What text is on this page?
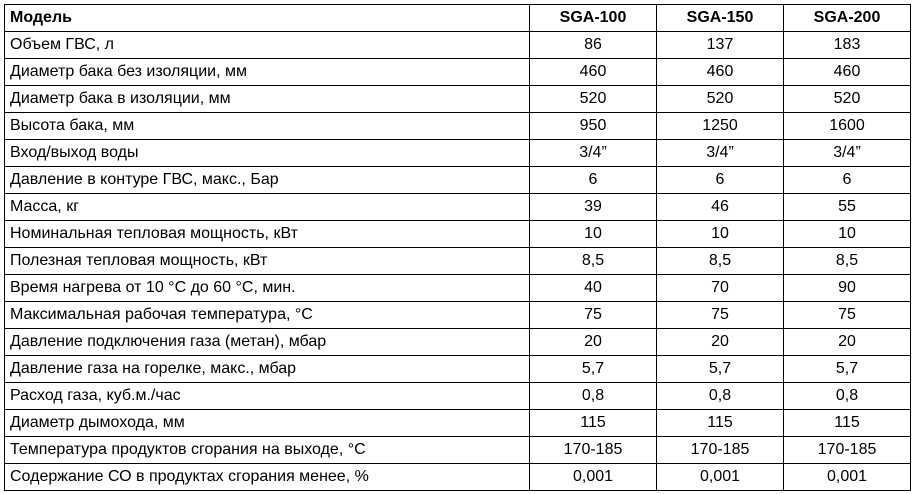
Модель	SGA-100	SGA-150	SGA-200
Объем ГВС, л	86	137	183
Диаметр бака без изоляции, мм	460	460	460
Диаметр бака в изоляции, мм	520	520	520
Высота бака, мм	950	1250	1600
Вход/выход воды	3/4”	3/4”	3/4”
Давление в контуре ГВС, макс., Бар	6	6	6
Масса, кг	39	46	55
Номинальная тепловая мощность, кВт	10	10	10
Полезная тепловая мощность, кВт	8,5	8,5	8,5
Время нагрева от 10 °С до 60 °С, мин.	40	70	90
Максимальная рабочая температура, °С	75	75	75
Давление подключения газа (метан), мбар	20	20	20
Давление газа на горелке, макс., мбар	5,7	5,7	5,7
Расход газа, куб.м./час	0,8	0,8	0,8
Диаметр дымохода, мм	115	115	115
Температура продуктов сгорания на выходе, °С	170-185	170-185	170-185
Содержание СО в продуктах сгорания менее, %	0,001	0,001	0,001
